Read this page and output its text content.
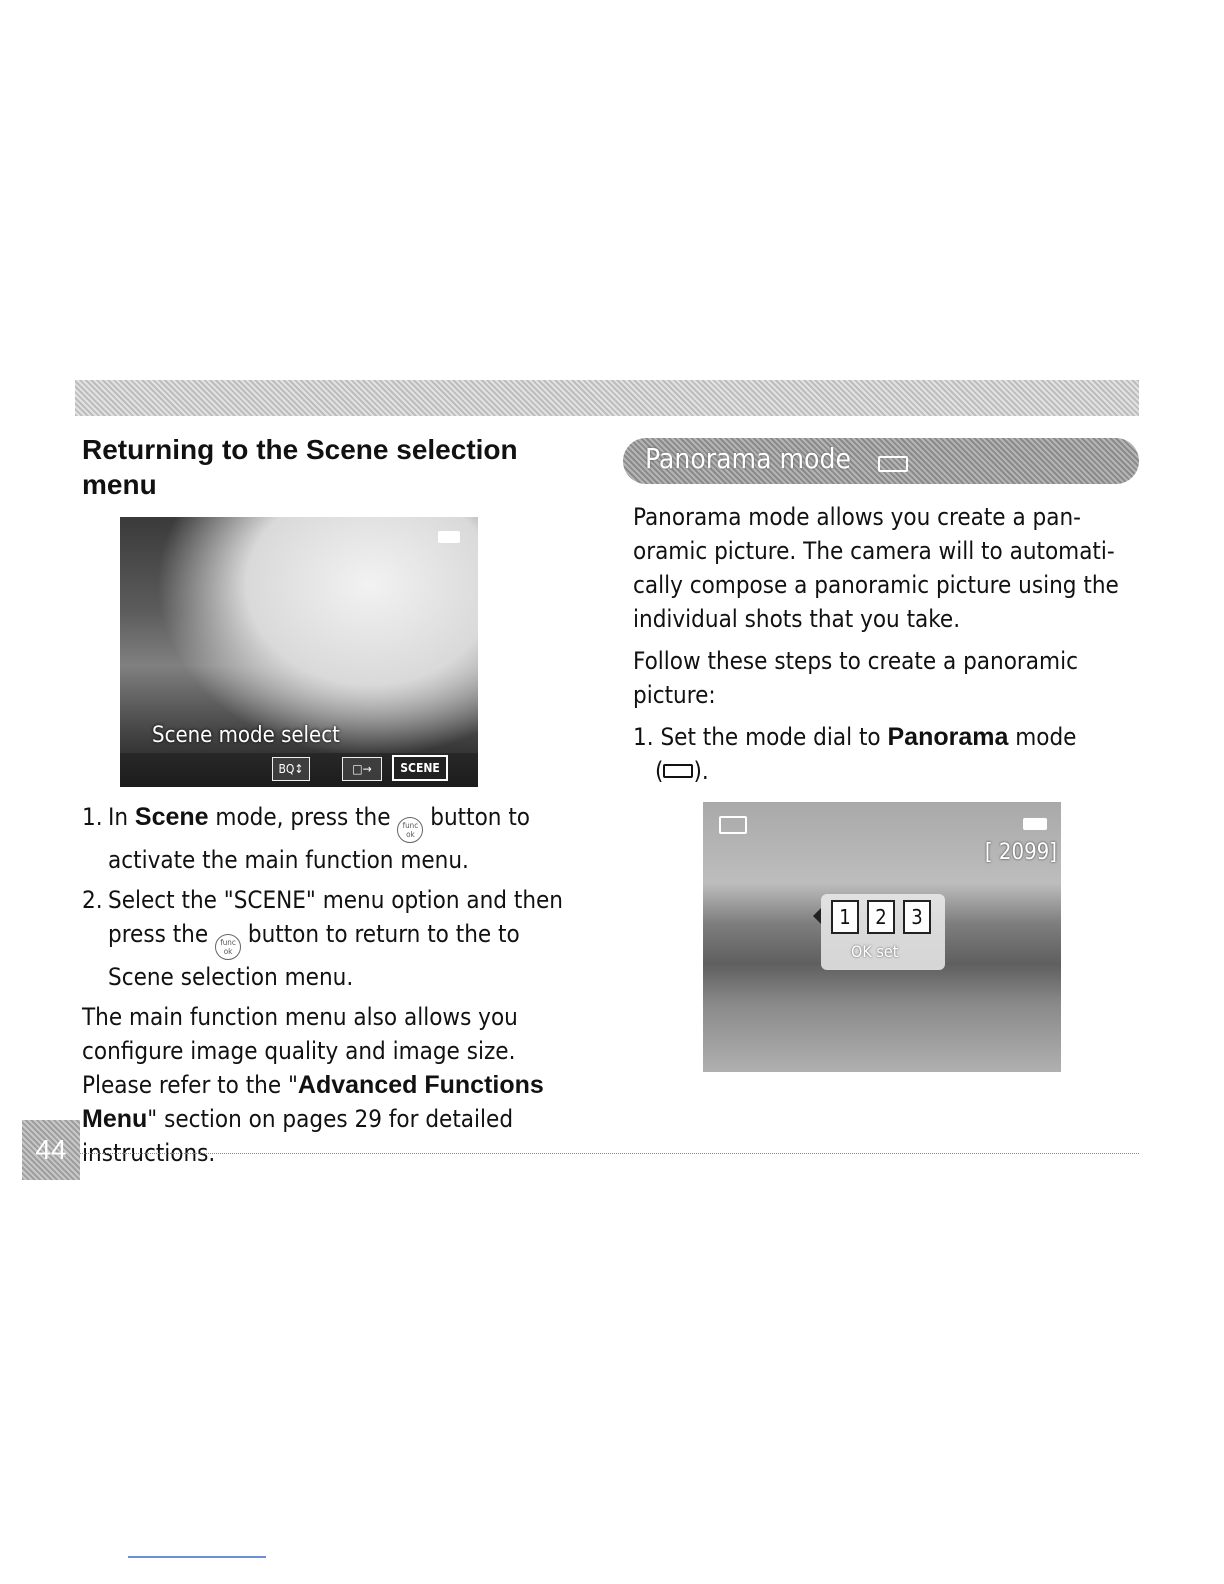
Returning to the Scene selection menu
Scene mode select
BQ↕	□→	SCENE
1. In Scene mode, press the func
ok
button to activate the main function menu.
2. Select the "SCENE" menu option and then press the func
ok
button to return to the to Scene selection menu.

The main function menu also allows you configure image quality and image size. Please refer to the "Advanced Functions Menu" section on pages 29 for detailed instructions.

Panorama mode

Panorama mode allows you create a pan-oramic picture. The camera will to automati-cally compose a panoramic picture using the individual shots that you take.

Follow these steps to create a panoramic picture:

1. Set the mode dial to Panorama mode

( ).

[ 2099]
1	2	3
OK set
44
